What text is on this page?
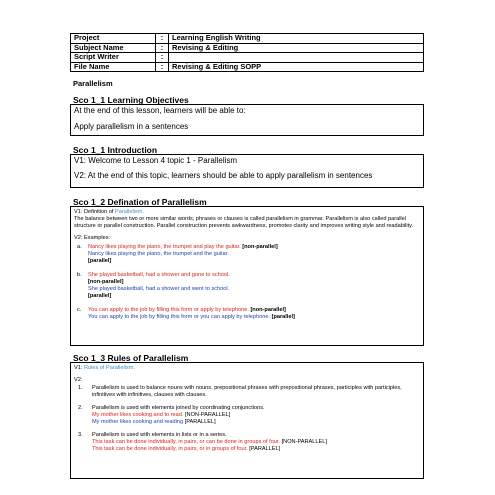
Project	:	Learning English Writing
Subject Name	:	Revising & Editing
Script Writer	:	
File Name	:	Revising & Editing SOPP
Parallelism
Sco 1_1 Learning Objectives

At the end of this lesson, learners will be able to:

Apply parallelism in a sentences

Sco 1_1 Introduction

V1: Welcome to Lesson 4 topic 1 - Parallelism

V2: At the end of this topic, learners should be able to apply parallelism in sentences

Sco 1_2 Defination of Parallelism

V1: Definition of Parallelism.

The balance between two or more similar words, phrases or clauses is called parallelism in grammar. Parallelism is also called parallel structure or parallel construction. Parallel construction prevents awkwardness, promotes clarity and improves writing style and readability.

V2: Examples:

a.	Nancy likes playing the piano, the trumpet and play the guitar. [non-parallel]

Nancy likes playing the piano, the trumpet and the guitar.

[parallel]

b.	She played basketball, had a shower and gone to school.

[non-parallel]

She played basketball, had a shower and went to school.

[parallel]

c.	You can apply to the job by filling this form or apply by telephone. [non-parallel]

You can apply to the job by filling this form or you can apply by telephone. [parallel]

Sco 1_3 Rules of Parallelism

V1: Rules of Parallelism.

V2:

1.	Parallelism is used to balance nouns with nouns, prepositional phrases with prepositional phrases, participles with participles, infinitives with infinitives, clauses with clauses.

2.	Parallelism is used with elements joined by coordinating conjunctions.

My mother likes cooking and to read. [NON-PARALLEL]

My mother likes cooking and reading [PARALLEL]

3.	Parallelism is used with elements in lists or in a series.

This task can be done individually, in pairs, or can be done in groups of four. [NON-PARALLEL]

This task can be done individually, in pairs, or in groups of four. [PARALLEL]
